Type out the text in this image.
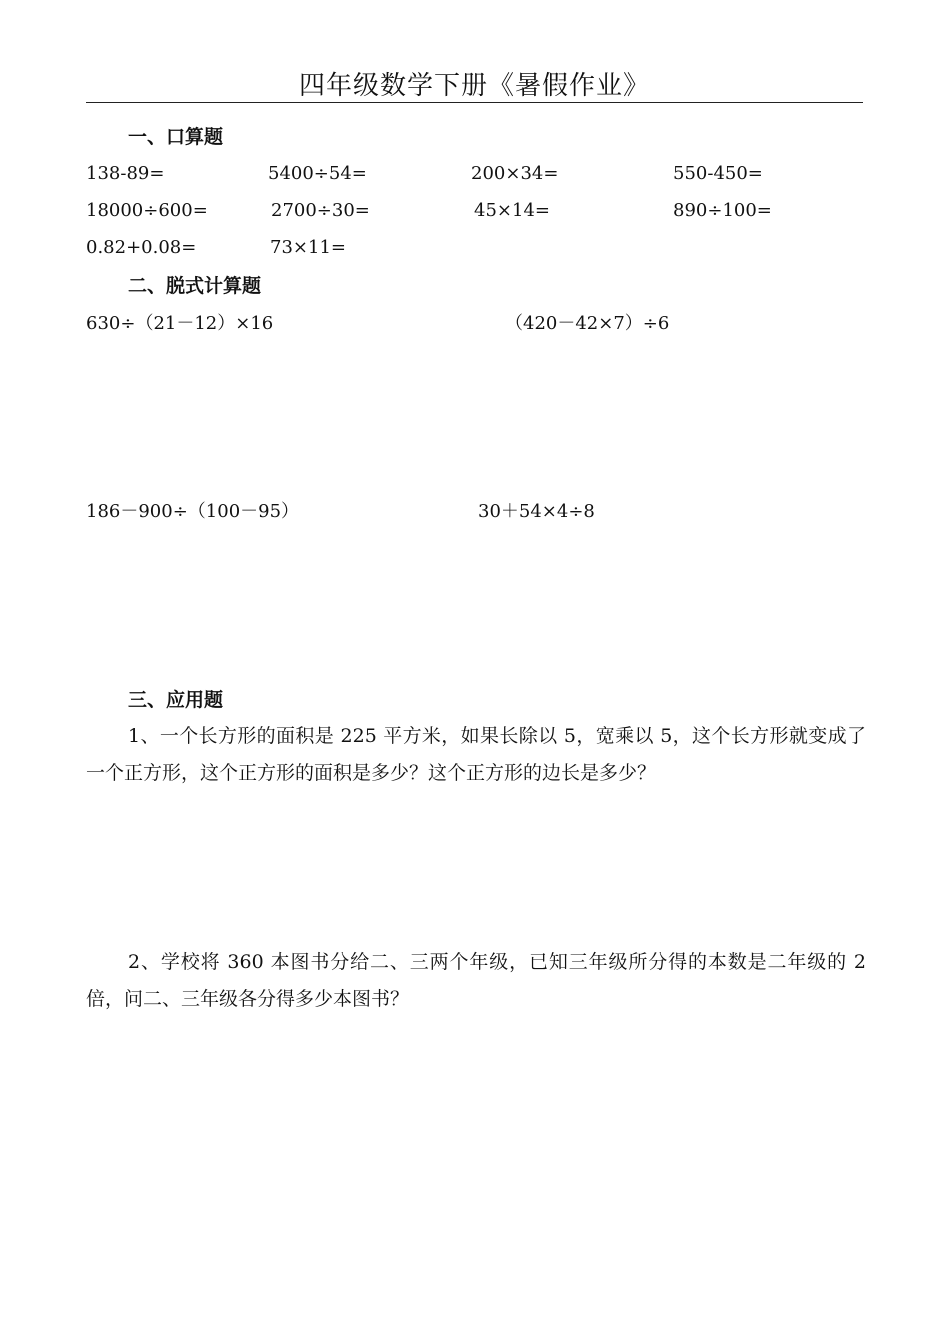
四年级数学下册《暑假作业》
一、口算题
138-89=	5400÷54=	200×34=	550-450=
18000÷600=	2700÷30=	45×14=	890÷100=
0.82+0.08=	73×11=
二、脱式计算题
630÷（21－12）×16	（420－42×7）÷6
186－900÷（100－95）	30＋54×4÷8
三、应用题
1、一个长方形的面积是 225 平方米，如果长除以 5，宽乘以 5，这个长方形就变成了一个正方形，这个正方形的面积是多少？这个正方形的边长是多少？
2、学校将 360 本图书分给二、三两个年级，已知三年级所分得的本数是二年级的 2 倍，问二、三年级各分得多少本图书？
